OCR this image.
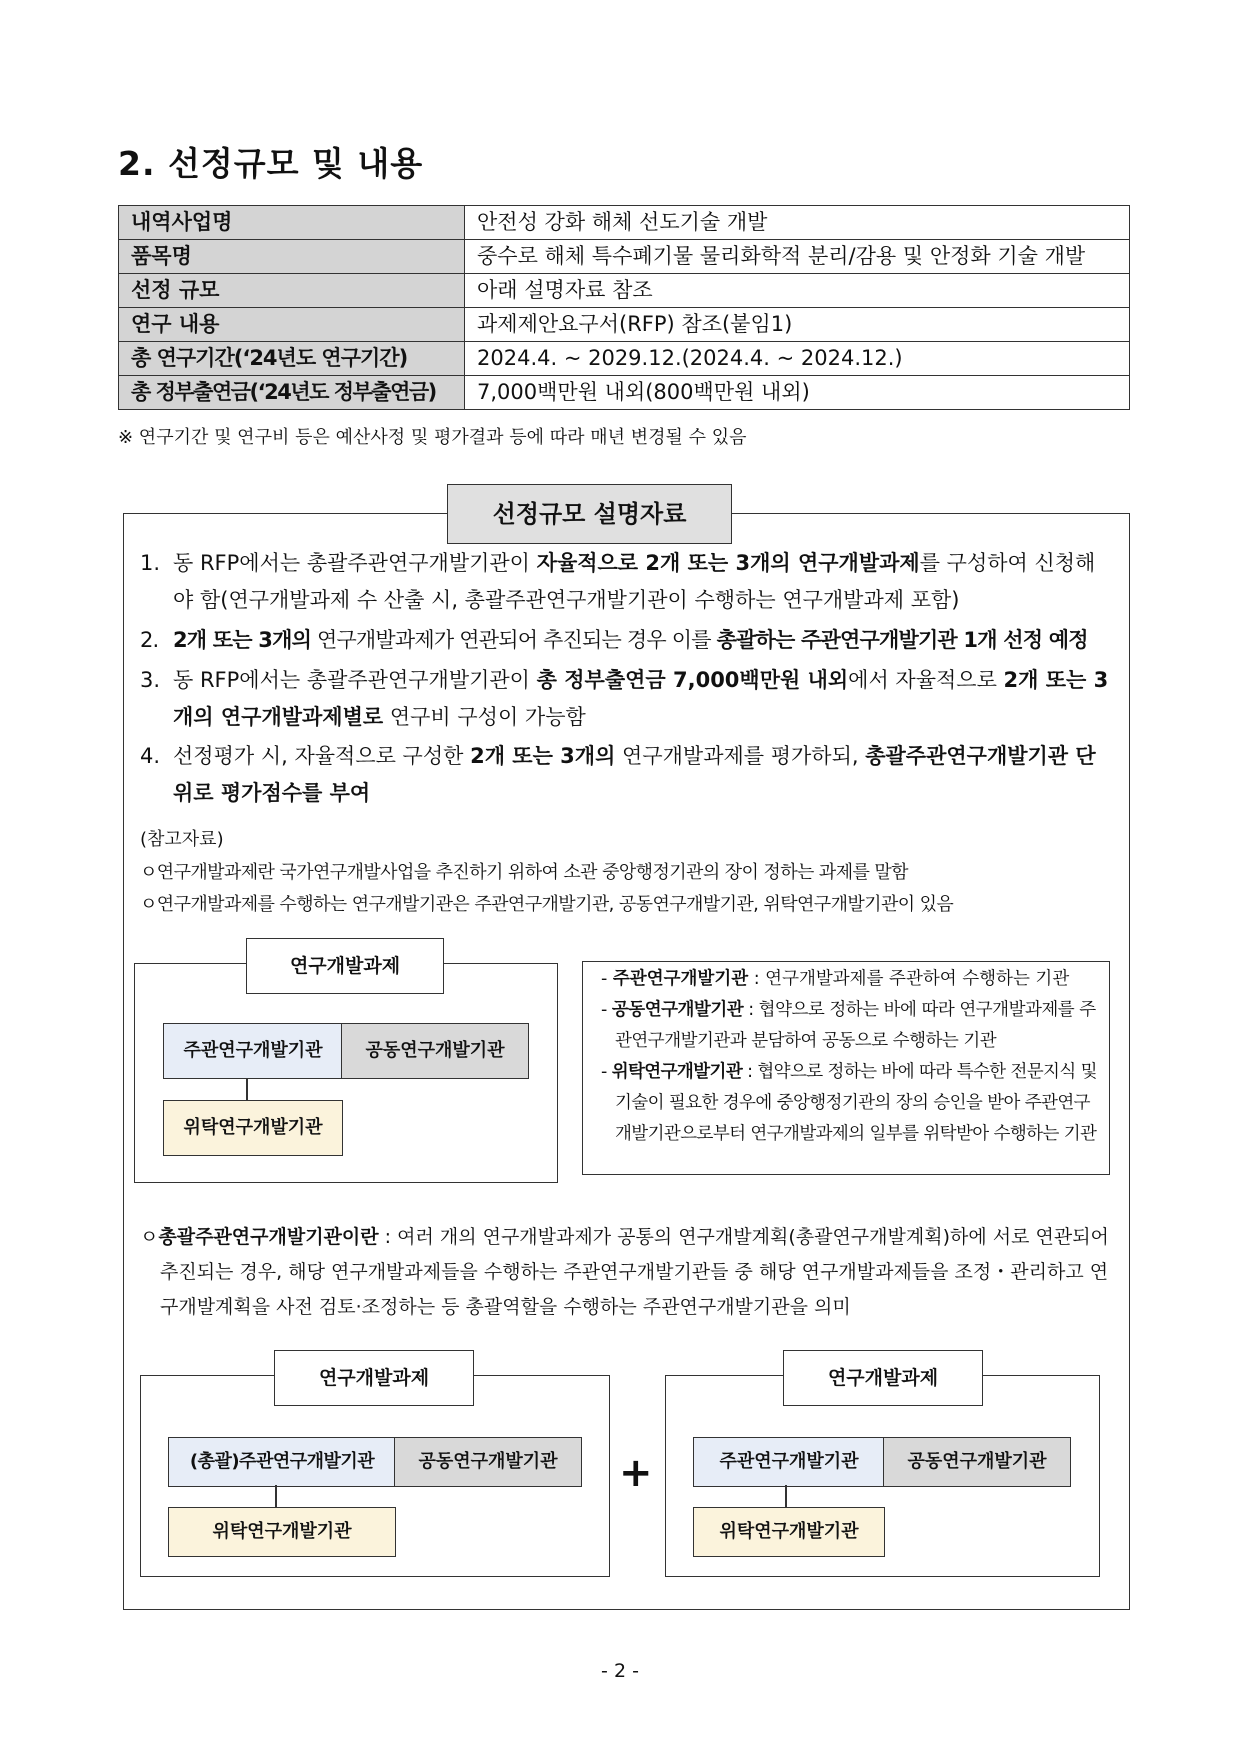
2. 선정규모 및 내용
내역사업명	안전성 강화 해체 선도기술 개발
품목명	중수로 해체 특수폐기물 물리화학적 분리/감용 및 안정화 기술 개발
선정 규모	아래 설명자료 참조
연구 내용	과제제안요구서(RFP) 참조(붙임1)
총 연구기간(‘24년도 연구기간)	2024.4. ~ 2029.12.(2024.4. ~ 2024.12.)
총 정부출연금(‘24년도 정부출연금)	7,000백만원 내외(800백만원 내외)
※ 연구기간 및 연구비 등은 예산사정 및 평가결과 등에 따라 매년 변경될 수 있음
선정규모 설명자료
1. 동 RFP에서는 총괄주관연구개발기관이 자율적으로 2개 또는 3개의 연구개발과제를 구성하여 신청해야 함(연구개발과제 수 산출 시, 총괄주관연구개발기관이 수행하는 연구개발과제 포함)
2. 2개 또는 3개의 연구개발과제가 연관되어 추진되는 경우 이를 총괄하는 주관연구개발기관 1개 선정 예정
3. 동 RFP에서는 총괄주관연구개발기관이 총 정부출연금 7,000백만원 내외에서 자율적으로 2개 또는 3개의 연구개발과제별로 연구비 구성이 가능함
4. 선정평가 시, 자율적으로 구성한 2개 또는 3개의 연구개발과제를 평가하되, 총괄주관연구개발기관 단위로 평가점수를 부여
(참고자료)
ㅇ연구개발과제란 국가연구개발사업을 추진하기 위하여 소관 중앙행정기관의 장이 정하는 과제를 말함
ㅇ연구개발과제를 수행하는 연구개발기관은 주관연구개발기관, 공동연구개발기관, 위탁연구개발기관이 있음
연구개발과제
주관연구개발기관	공동연구개발기관
위탁연구개발기관
- 주관연구개발기관 : 연구개발과제를 주관하여 수행하는 기관
- 공동연구개발기관 : 협약으로 정하는 바에 따라 연구개발과제를 주관연구개발기관과 분담하여 공동으로 수행하는 기관
- 위탁연구개발기관 : 협약으로 정하는 바에 따라 특수한 전문지식 및 기술이 필요한 경우에 중앙행정기관의 장의 승인을 받아 주관연구개발기관으로부터 연구개발과제의 일부를 위탁받아 수행하는 기관
ㅇ총괄주관연구개발기관이란 : 여러 개의 연구개발과제가 공통의 연구개발계획(총괄연구개발계획)하에 서로 연관되어 추진되는 경우, 해당 연구개발과제들을 수행하는 주관연구개발기관들 중 해당 연구개발과제들을 조정・관리하고 연구개발계획을 사전 검토·조정하는 등 총괄역할을 수행하는 주관연구개발기관을 의미
연구개발과제
(총괄)주관연구개발기관	공동연구개발기관
위탁연구개발기관
+
연구개발과제
주관연구개발기관	공동연구개발기관
위탁연구개발기관
- 2 -
